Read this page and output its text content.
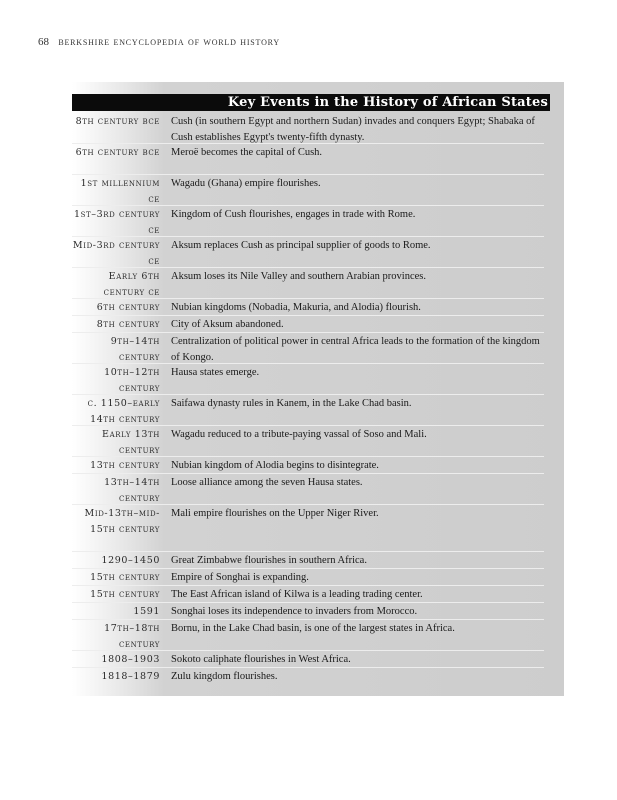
68 berkshire encyclopedia of world history
Key Events in the History of African States
8th century bce Cush (in southern Egypt and northern Sudan) invades and conquers Egypt; Shabaka of Cush establishes Egypt's twenty-fifth dynasty.
6th century bce Meroë becomes the capital of Cush.
1st millennium ce
Wagadu (Ghana) empire flourishes.
1st–3rd century ce
Kingdom of Cush flourishes, engages in trade with Rome.
Mid-3rd century ce
Aksum replaces Cush as principal supplier of goods to Rome.
Early 6th century ce
Aksum loses its Nile Valley and southern Arabian provinces.
6th century Nubian kingdoms (Nobadia, Makuria, and Alodia) flourish.
8th century City of Aksum abandoned.
9th–14th century
Centralization of political power in central Africa leads to the formation of the kingdom of Kongo.
10th–12th century
Hausa states emerge.
c. 1150–early 14th century
Saifawa dynasty rules in Kanem, in the Lake Chad basin.
Early 13th century
Wagadu reduced to a tribute-paying vassal of Soso and Mali.
13th century Nubian kingdom of Alodia begins to disintegrate.
13th–14th century
Loose alliance among the seven Hausa states.
Mid-13th–mid-15th century
Mali empire flourishes on the Upper Niger River.
1290–1450 Great Zimbabwe flourishes in southern Africa.
15th century Empire of Songhai is expanding.
15th century The East African island of Kilwa is a leading trading center.
1591 Songhai loses its independence to invaders from Morocco.
17th–18th century
Bornu, in the Lake Chad basin, is one of the largest states in Africa.
1808–1903 Sokoto caliphate flourishes in West Africa.
1818–1879 Zulu kingdom flourishes.
